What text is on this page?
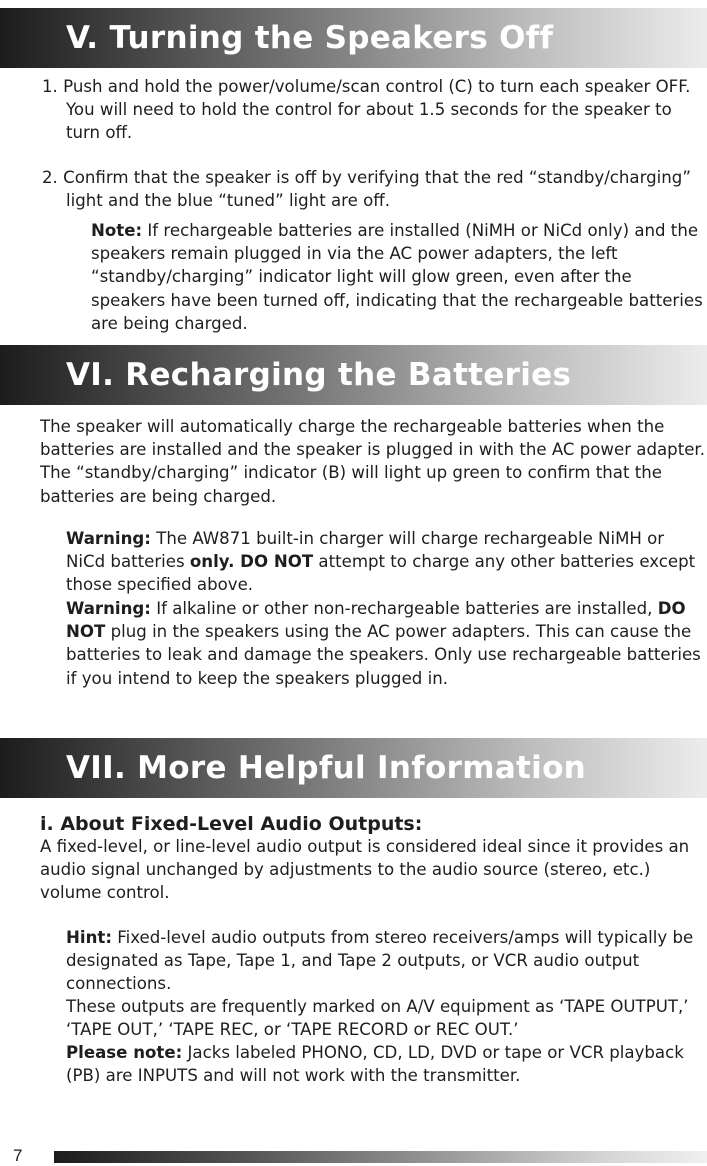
V. Turning the Speakers Off

1. Push and hold the power/volume/scan control (C) to turn each speaker OFF. You will need to hold the control for about 1.5 seconds for the speaker to turn off.

2. Confirm that the speaker is off by verifying that the red “standby/charging” light and the blue “tuned” light are off.

Note: If rechargeable batteries are installed (NiMH or NiCd only) and the speakers remain plugged in via the AC power adapters, the left “standby/charging” indicator light will glow green, even after the speakers have been turned off, indicating that the rechargeable batteries are being charged.

VI. Recharging the Batteries

The speaker will automatically charge the rechargeable batteries when the batteries are installed and the speaker is plugged in with the AC power adapter. The “standby/charging” indicator (B) will light up green to confirm that the batteries are being charged.

Warning: The AW871 built-in charger will charge rechargeable NiMH or NiCd batteries only. DO NOT attempt to charge any other batteries except those specified above.

Warning: If alkaline or other non-rechargeable batteries are installed, DO NOT plug in the speakers using the AC power adapters. This can cause the batteries to leak and damage the speakers. Only use rechargeable batteries if you intend to keep the speakers plugged in.

VII. More Helpful Information

i. About Fixed-Level Audio Outputs:

A fixed-level, or line-level audio output is considered ideal since it provides an audio signal unchanged by adjustments to the audio source (stereo, etc.) volume control.

Hint: Fixed-level audio outputs from stereo receivers/amps will typically be designated as Tape, Tape 1, and Tape 2 outputs, or VCR audio output connections.

These outputs are frequently marked on A/V equipment as ‘TAPE OUTPUT,’ ‘TAPE OUT,’ ‘TAPE REC, or ‘TAPE RECORD or REC OUT.’

Please note: Jacks labeled PHONO, CD, LD, DVD or tape or VCR playback (PB) are INPUTS and will not work with the transmitter.

7
